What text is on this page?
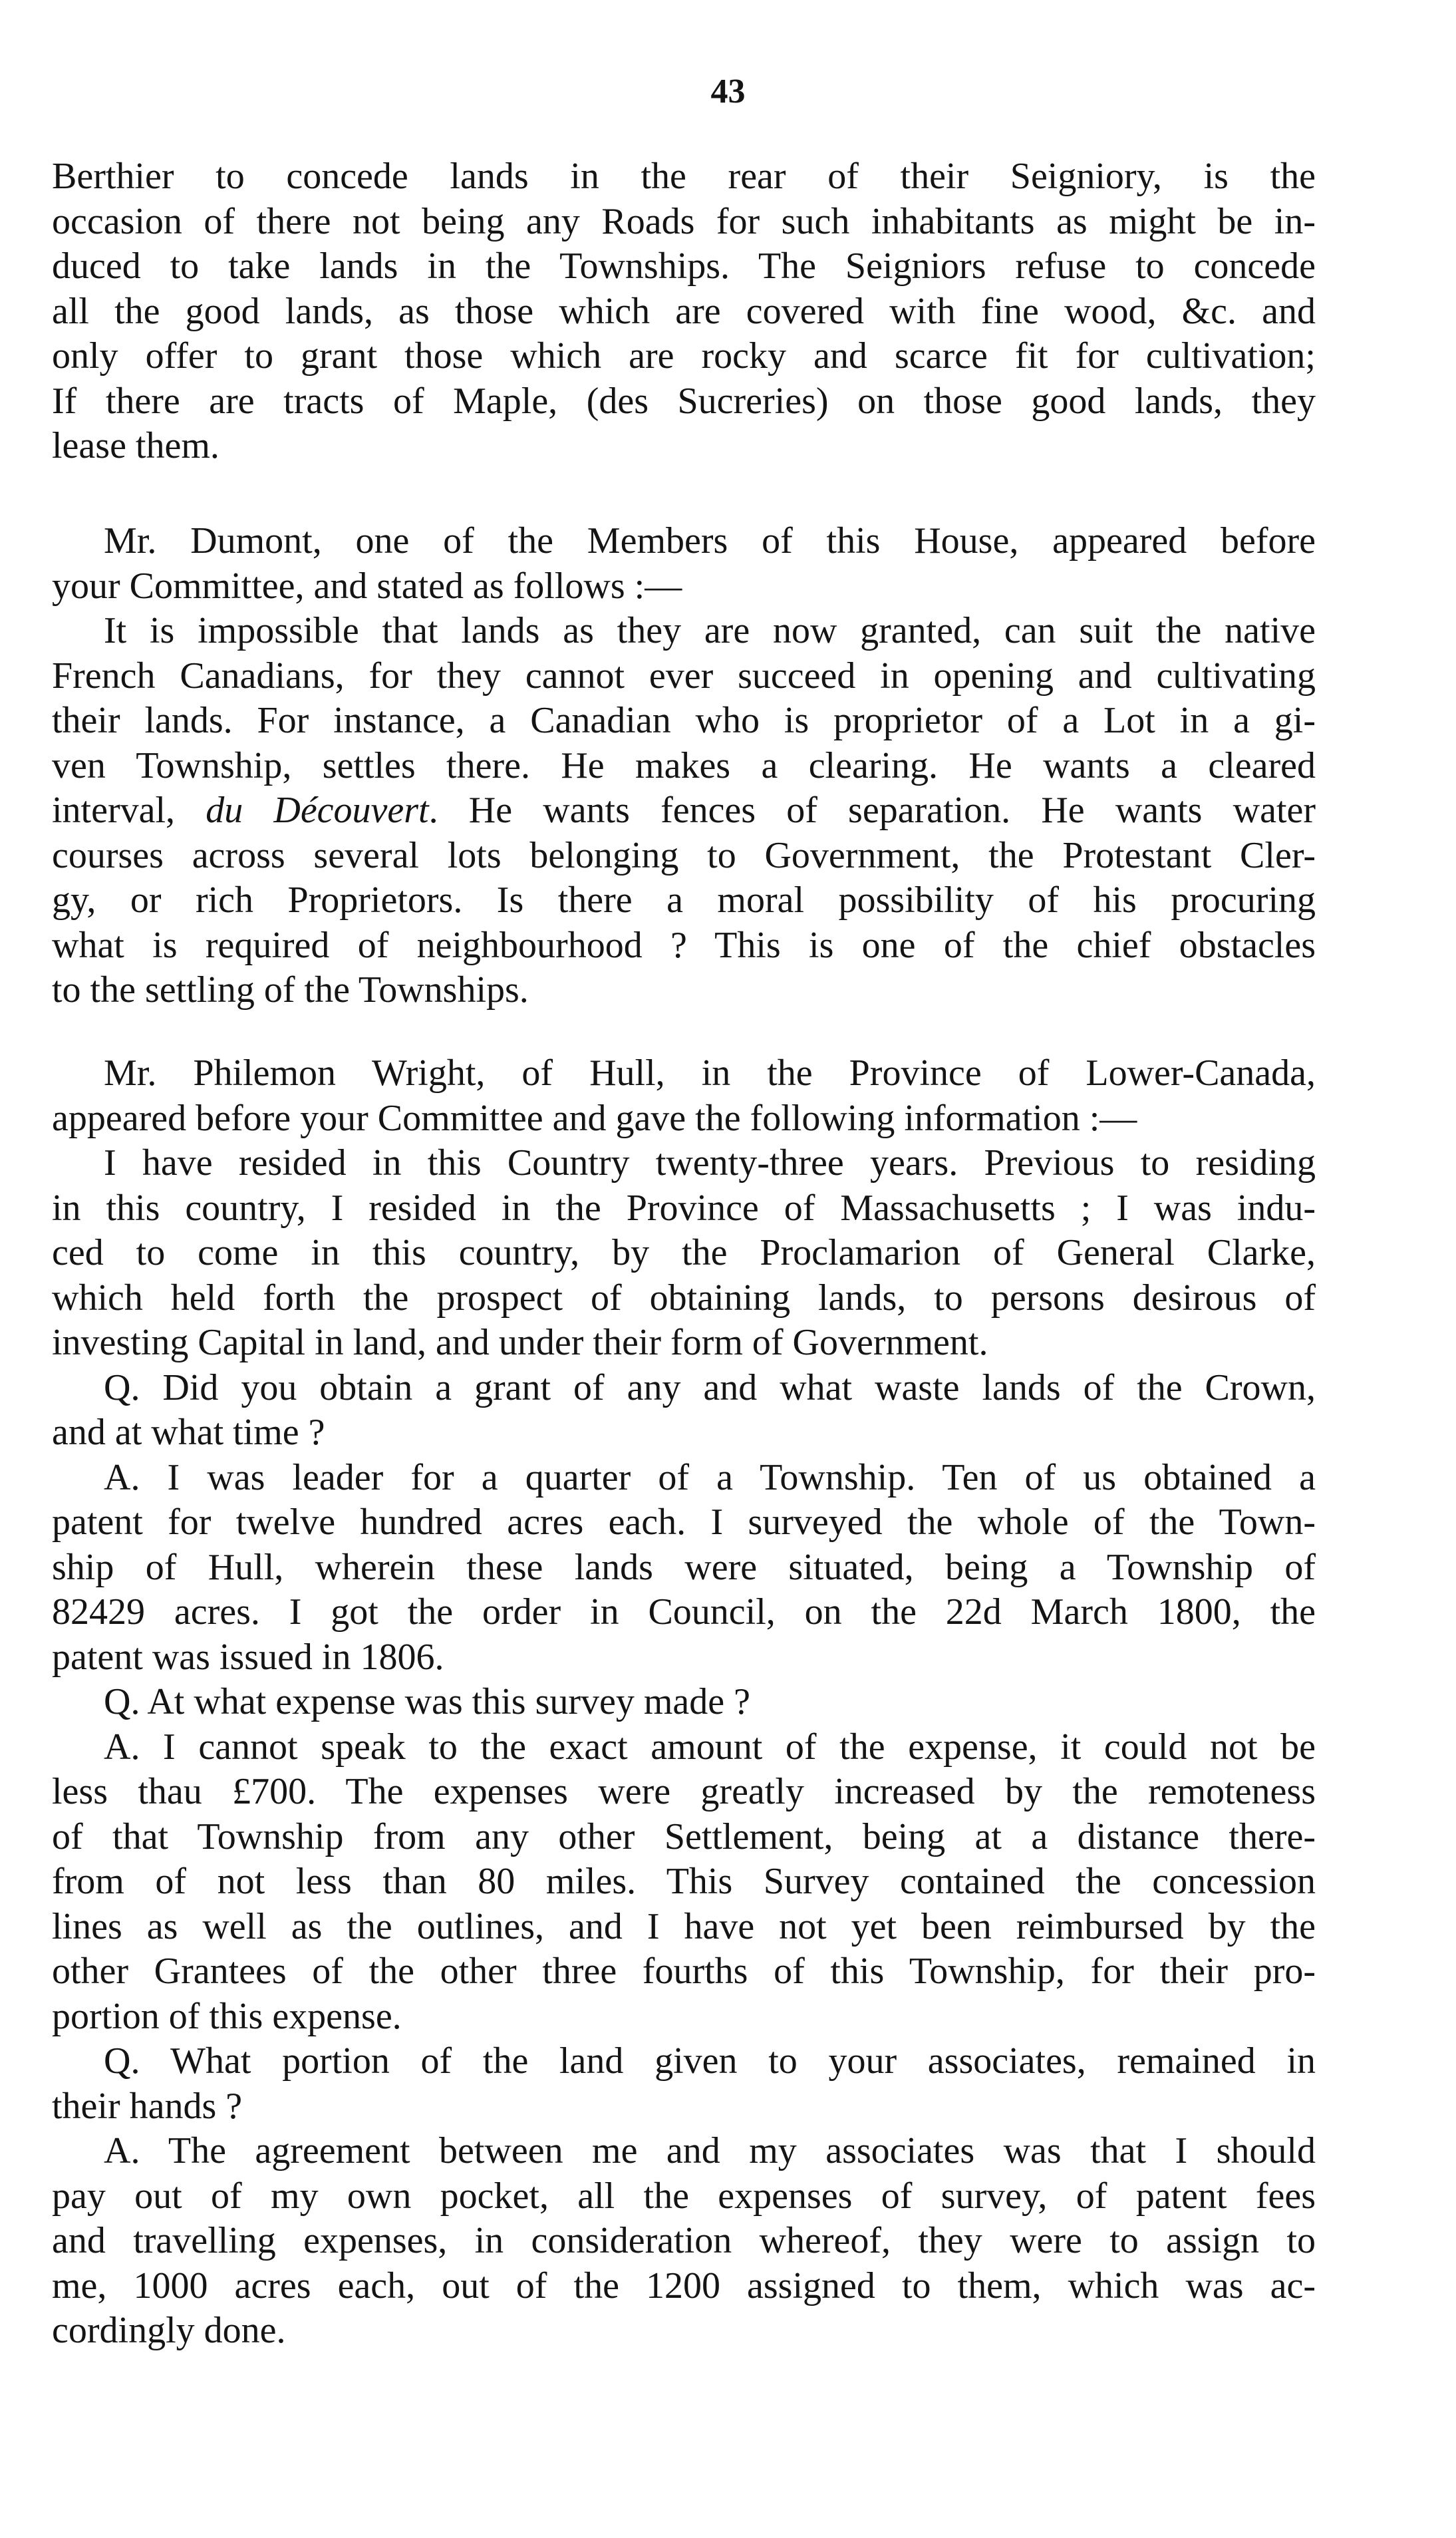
43
Berthier to concede lands in the rear of their Seigniory, is the
occasion of there not being any Roads for such inhabitants as might be in-
duced to take lands in the Townships. The Seigniors refuse to concede
all the good lands, as those which are covered with fine wood, &c. and
only offer to grant those which are rocky and scarce fit for cultivation;
If there are tracts of Maple, (des Sucreries) on those good lands, they
lease them.
Mr. Dumont, one of the Members of this House, appeared before
your Committee, and stated as follows :—
It is impossible that lands as they are now granted, can suit the native
French Canadians, for they cannot ever succeed in opening and cultivating
their lands. For instance, a Canadian who is proprietor of a Lot in a gi-
ven Township, settles there. He makes a clearing. He wants a cleared
interval, du Découvert. He wants fences of separation. He wants water
courses across several lots belonging to Government, the Protestant Cler-
gy, or rich Proprietors. Is there a moral possibility of his procuring
what is required of neighbourhood ? This is one of the chief obstacles
to the settling of the Townships.
Mr. Philemon Wright, of Hull, in the Province of Lower-Canada,
appeared before your Committee and gave the following information :—
I have resided in this Country twenty-three years. Previous to residing
in this country, I resided in the Province of Massachusetts ; I was indu-
ced to come in this country, by the Proclamarion of General Clarke,
which held forth the prospect of obtaining lands, to persons desirous of
investing Capital in land, and under their form of Government.
Q. Did you obtain a grant of any and what waste lands of the Crown,
and at what time ?
A. I was leader for a quarter of a Township. Ten of us obtained a
patent for twelve hundred acres each. I surveyed the whole of the Town-
ship of Hull, wherein these lands were situated, being a Township of
82429 acres. I got the order in Council, on the 22d March 1800, the
patent was issued in 1806.
Q. At what expense was this survey made ?
A. I cannot speak to the exact amount of the expense, it could not be
less thau £700. The expenses were greatly increased by the remoteness
of that Township from any other Settlement, being at a distance there-
from of not less than 80 miles. This Survey contained the concession
lines as well as the outlines, and I have not yet been reimbursed by the
other Grantees of the other three fourths of this Township, for their pro-
portion of this expense.
Q. What portion of the land given to your associates, remained in
their hands ?
A. The agreement between me and my associates was that I should
pay out of my own pocket, all the expenses of survey, of patent fees
and travelling expenses, in consideration whereof, they were to assign to
me, 1000 acres each, out of the 1200 assigned to them, which was ac-
cordingly done.
